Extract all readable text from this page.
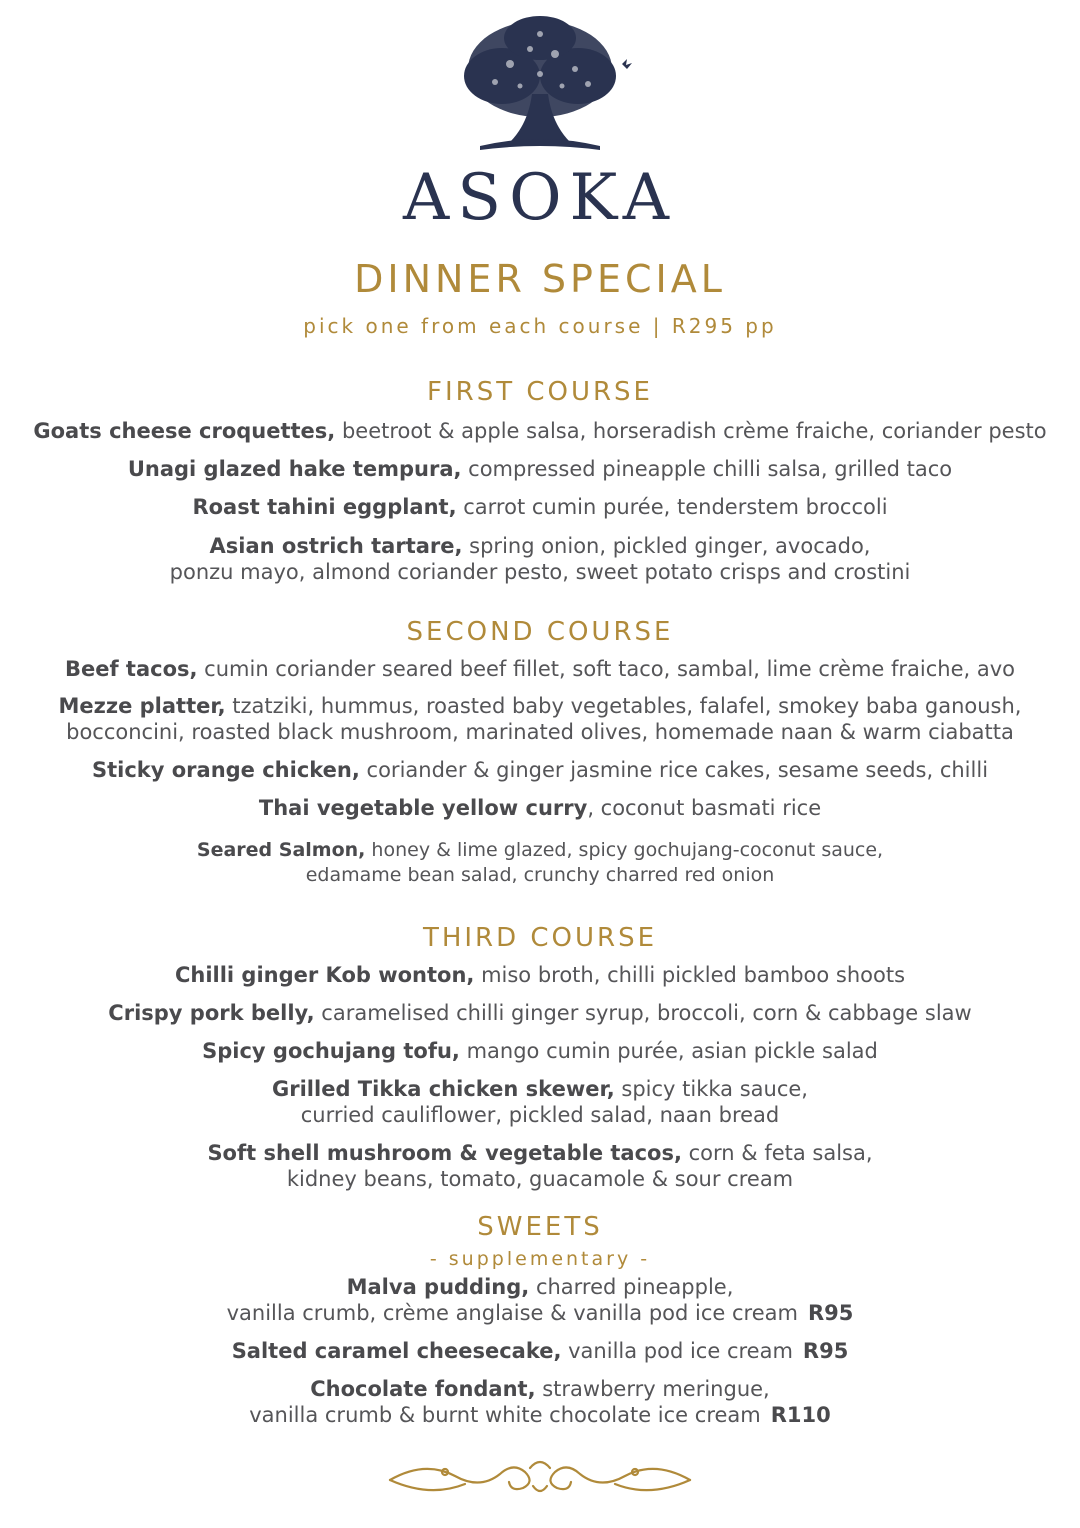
ASOKA
DINNER SPECIAL
pick one from each course | R295 pp
FIRST COURSE
Goats cheese croquettes, beetroot & apple salsa, horseradish crème fraiche, coriander pesto
Unagi glazed hake tempura, compressed pineapple chilli salsa, grilled taco
Roast tahini eggplant, carrot cumin purée, tenderstem broccoli
Asian ostrich tartare, spring onion, pickled ginger, avocado,
ponzu mayo, almond coriander pesto, sweet potato crisps and crostini
SECOND COURSE
Beef tacos, cumin coriander seared beef fillet, soft taco, sambal, lime crème fraiche, avo
Mezze platter, tzatziki, hummus, roasted baby vegetables, falafel, smokey baba ganoush,
bocconcini, roasted black mushroom, marinated olives, homemade naan & warm ciabatta
Sticky orange chicken, coriander & ginger jasmine rice cakes, sesame seeds, chilli
Thai vegetable yellow curry, coconut basmati rice
Seared Salmon, honey & lime glazed, spicy gochujang-coconut sauce,
edamame bean salad, crunchy charred red onion
THIRD COURSE
Chilli ginger Kob wonton, miso broth, chilli pickled bamboo shoots
Crispy pork belly, caramelised chilli ginger syrup, broccoli, corn & cabbage slaw
Spicy gochujang tofu, mango cumin purée, asian pickle salad
Grilled Tikka chicken skewer, spicy tikka sauce,
curried cauliflower, pickled salad, naan bread
Soft shell mushroom & vegetable tacos, corn & feta salsa,
kidney beans, tomato, guacamole & sour cream
SWEETS
- supplementary -
Malva pudding, charred pineapple,
vanilla crumb, crème anglaise & vanilla pod ice cream R95
Salted caramel cheesecake, vanilla pod ice cream R95
Chocolate fondant, strawberry meringue,
vanilla crumb & burnt white chocolate ice cream R110
